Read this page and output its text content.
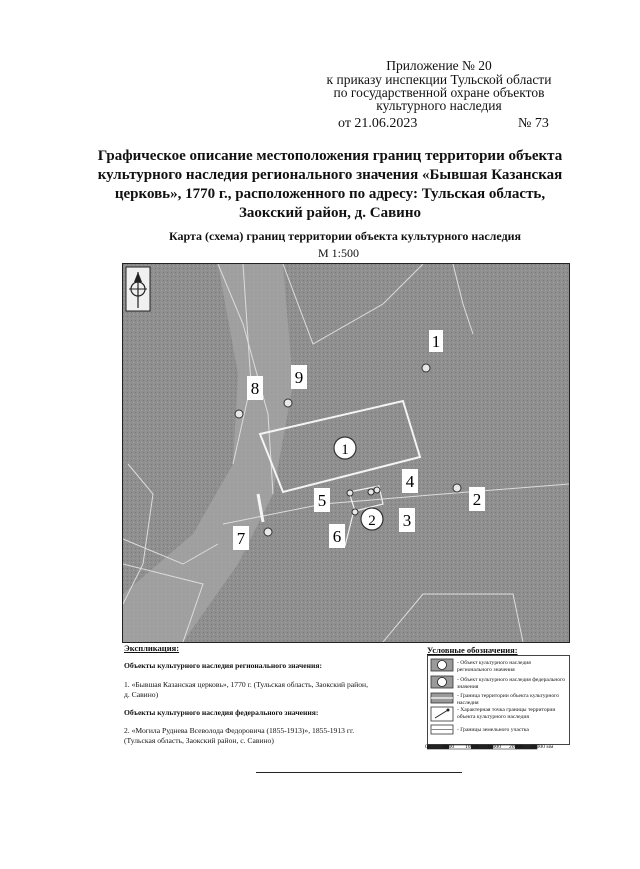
Приложение № 20
к приказу инспекции Тульской области
по государственной охране объектов
культурного наследия
от 21.06.2023	№ 73
Графическое описание местоположения границ территории объекта культурного наследия регионального значения «Бывшая Казанская церковь», 1770 г., расположенного по адресу: Тульская область, Заокский район, д. Савино
Карта (схема) границ территории объекта культурного наследия
М 1:500
1
2
3
4
5
6
7
8
9
1
2
Экспликация:
Объекты культурного наследия регионального значения:
1. «Бывшая Казанская церковь», 1770 г. (Тульская область, Заокский район, д. Савино)
Объекты культурного наследия федерального значения:
2. «Могила Руднева Всеволода Федоровича (1855-1913)», 1855-1913 гг. (Тульская область, Заокский район, с. Савино)
Условные обозначения:
- Объект культурного наследия регионального значения
- Объект культурного наследия федерального значения
- Граница территории объекта культурного наследия
- Характерная точка границы территории объекта культурного наследия
- Границы земельного участка
0	5000 10000 15000 20000 25000 мм
